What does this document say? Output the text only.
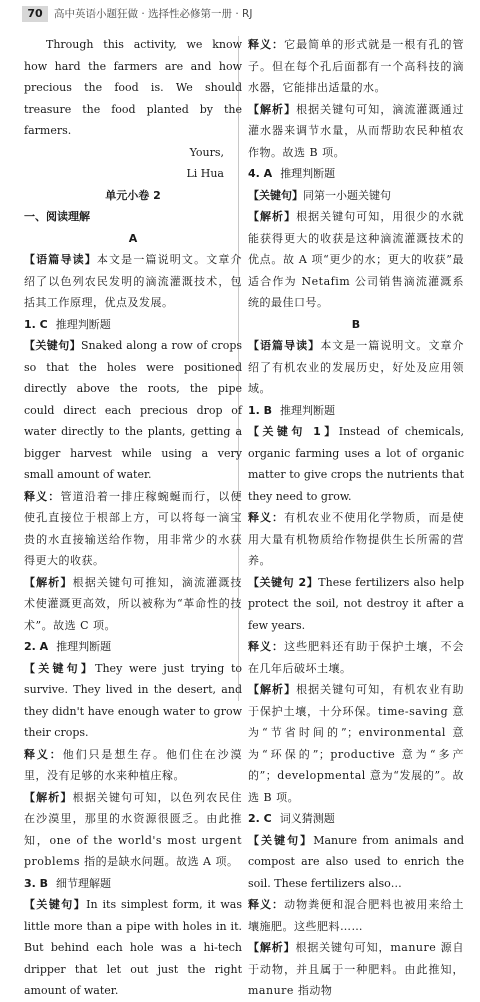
70	高中英语小题狂做 · 选择性必修第一册 · RJ

Through this activity, we know how hard the farmers are and how precious the food is. We should treasure the food planted by the farmers.

Yours,

Li Hua

单元小卷 2

一、阅读理解

A

【语篇导读】本文是一篇说明文。文章介绍了以色列农民发明的滴流灌溉技术，包括其工作原理，优点及发展。

1. C 推理判断题

【关键句】Snaked along a row of crops so that the holes were positioned directly above the roots, the pipe could direct each precious drop of water directly to the plants, getting a bigger harvest while using a very small amount of water.

释义：管道沿着一排庄稼蜿蜒而行，以便使孔直接位于根部上方，可以将每一滴宝贵的水直接输送给作物，用非常少的水获得更大的收获。

【解析】根据关键句可推知，滴流灌溉技术使灌溉更高效，所以被称为“革命性的技术”。故选 C 项。

2. A 推理判断题

【关键句】They were just trying to survive. They lived in the desert, and they didn't have enough water to grow their crops.

释义：他们只是想生存。他们住在沙漠里，没有足够的水来种植庄稼。

【解析】根据关键句可知，以色列农民住在沙漠里，那里的水资源很匮乏。由此推知，one of the world's most urgent problems 指的是缺水问题。故选 A 项。

3. B 细节理解题

【关键句】In its simplest form, it was little more than a pipe with holes in it. But behind each hole was a hi-tech dripper that let out just the right amount of water.

释义：它最简单的形式就是一根有孔的管子。但在每个孔后面都有一个高科技的滴水器，它能排出适量的水。

【解析】根据关键句可知，滴流灌溉通过灌水器来调节水量，从而帮助农民种植农作物。故选 B 项。

4. A 推理判断题

【关键句】同第一小题关键句

【解析】根据关键句可知，用很少的水就能获得更大的收获是这种滴流灌溉技术的优点。故 A 项“更少的水；更大的收获”最适合作为 Netafim 公司销售滴流灌溉系统的最佳口号。

B

【语篇导读】本文是一篇说明文。文章介绍了有机农业的发展历史，好处及应用领域。

1. B 推理判断题

【关键句 1】Instead of chemicals, organic farming uses a lot of organic matter to give crops the nutrients that they need to grow.

释义：有机农业不使用化学物质，而是使用大量有机物质给作物提供生长所需的营养。

【关键句 2】These fertilizers also help protect the soil, not destroy it after a few years.

释义：这些肥料还有助于保护土壤，不会在几年后破坏土壤。

【解析】根据关键句可知，有机农业有助于保护土壤，十分环保。time-saving 意为“节省时间的”；environmental 意为“环保的”；productive 意为“多产的”；developmental 意为“发展的”。故选 B 项。

2. C 词义猜测题

【关键句】Manure from animals and compost are also used to enrich the soil. These fertilizers also…

释义：动物粪便和混合肥料也被用来给土壤施肥。这些肥料……

【解析】根据关键句可知，manure 源自于动物，并且属于一种肥料。由此推知，manure 指动物
